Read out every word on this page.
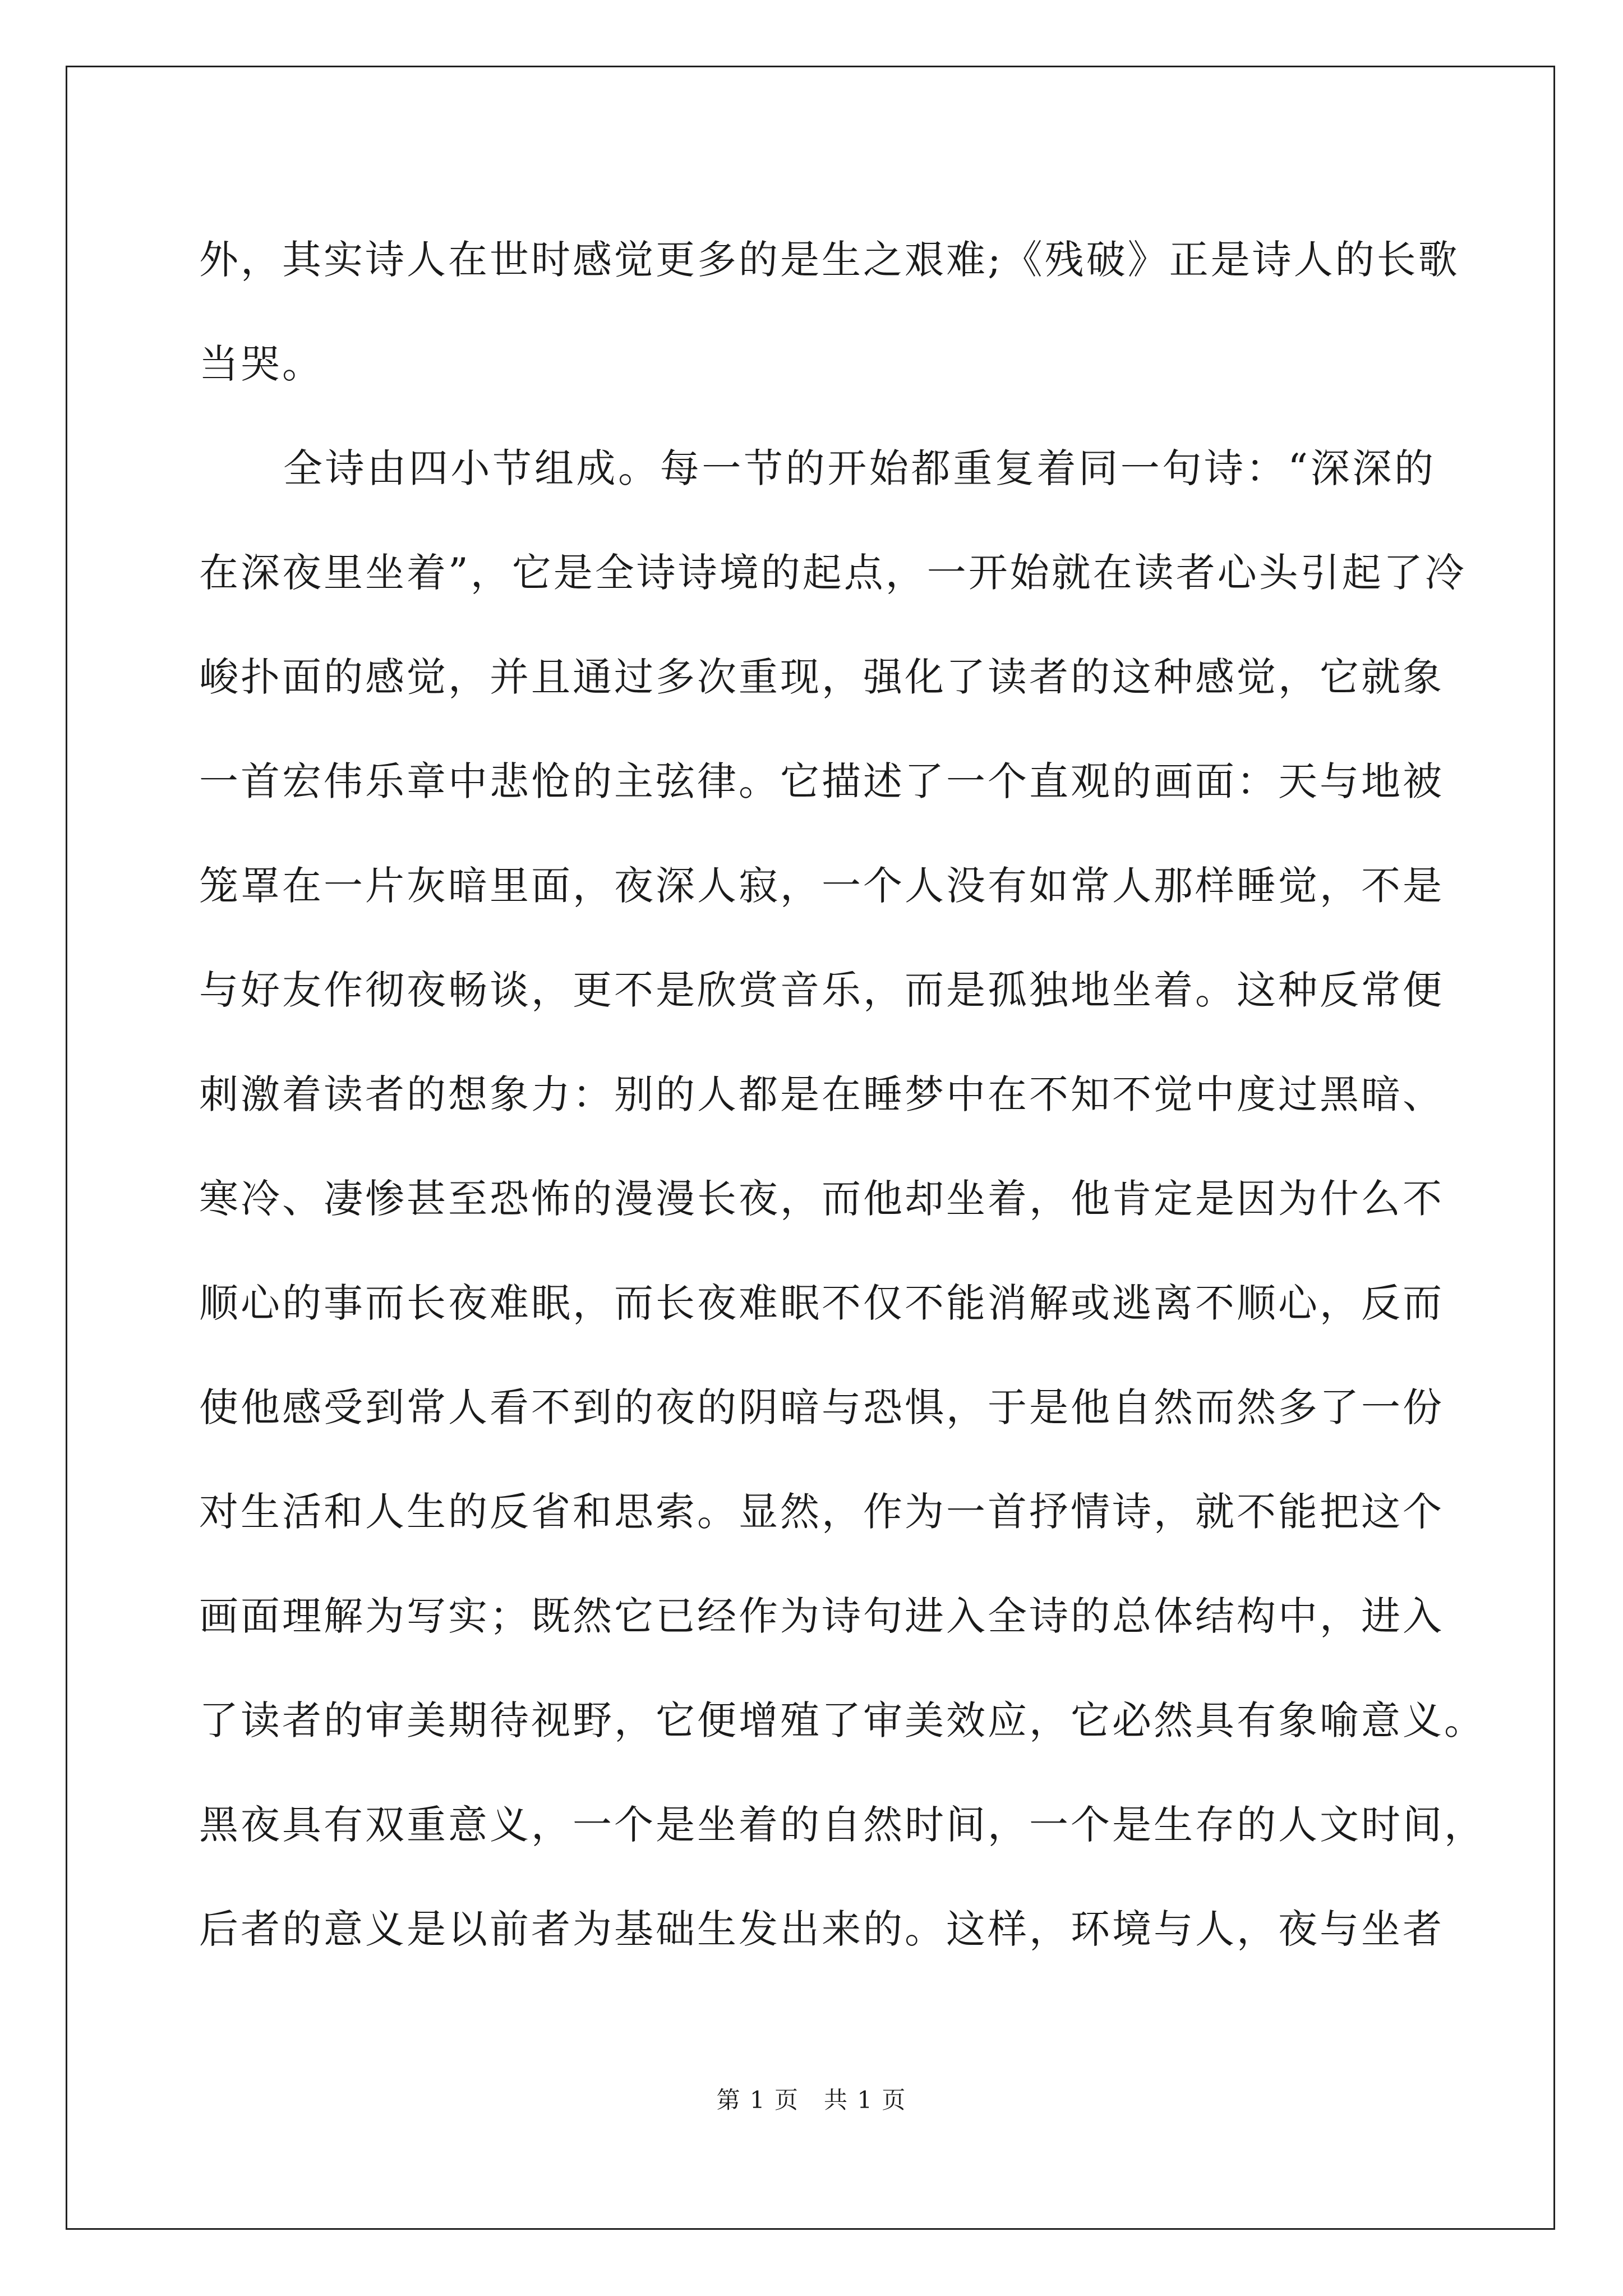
外，其实诗人在世时感觉更多的是生之艰难;《残破》正是诗人的长歌
当哭。
全诗由四小节组成。每一节的开始都重复着同一句诗：“深深的
在深夜里坐着”，它是全诗诗境的起点，一开始就在读者心头引起了冷
峻扑面的感觉，并且通过多次重现，强化了读者的这种感觉，它就象
一首宏伟乐章中悲怆的主弦律。它描述了一个直观的画面：天与地被
笼罩在一片灰暗里面，夜深人寂，一个人没有如常人那样睡觉，不是
与好友作彻夜畅谈，更不是欣赏音乐，而是孤独地坐着。这种反常便
刺激着读者的想象力：别的人都是在睡梦中在不知不觉中度过黑暗、
寒冷、凄惨甚至恐怖的漫漫长夜，而他却坐着，他肯定是因为什么不
顺心的事而长夜难眠，而长夜难眠不仅不能消解或逃离不顺心，反而
使他感受到常人看不到的夜的阴暗与恐惧，于是他自然而然多了一份
对生活和人生的反省和思索。显然，作为一首抒情诗，就不能把这个
画面理解为写实；既然它已经作为诗句进入全诗的总体结构中，进入
了读者的审美期待视野，它便增殖了审美效应，它必然具有象喻意义。
黑夜具有双重意义，一个是坐着的自然时间，一个是生存的人文时间，
后者的意义是以前者为基础生发出来的。这样，环境与人，夜与坐者
第 1 页　共 1 页
